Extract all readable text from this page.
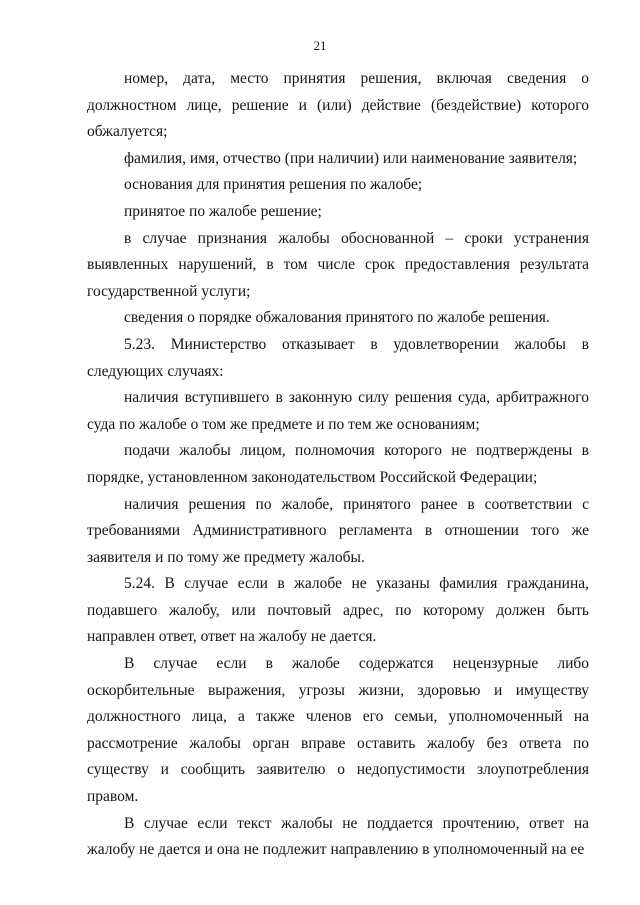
21

номер, дата, место принятия решения, включая сведения о должностном лице, решение и (или) действие (бездействие) которого обжалуется;

фамилия, имя, отчество (при наличии) или наименование заявителя;

основания для принятия решения по жалобе;

принятое по жалобе решение;

в случае признания жалобы обоснованной – сроки устранения выявленных нарушений, в том числе срок предоставления результата государственной услуги;

сведения о порядке обжалования принятого по жалобе решения.

5.23. Министерство отказывает в удовлетворении жалобы в следующих случаях:

наличия вступившего в законную силу решения суда, арбитражного суда по жалобе о том же предмете и по тем же основаниям;

подачи жалобы лицом, полномочия которого не подтверждены в порядке, установленном законодательством Российской Федерации;

наличия решения по жалобе, принятого ранее в соответствии с требованиями Административного регламента в отношении того же заявителя и по тому же предмету жалобы.

5.24. В случае если в жалобе не указаны фамилия гражданина, подавшего жалобу, или почтовый адрес, по которому должен быть направлен ответ, ответ на жалобу не дается.

В случае если в жалобе содержатся нецензурные либо оскорбительные выражения, угрозы жизни, здоровью и имуществу должностного лица, а также членов его семьи, уполномоченный на рассмотрение жалобы орган вправе оставить жалобу без ответа по существу и сообщить заявителю о недопустимости злоупотребления правом.

В случае если текст жалобы не поддается прочтению, ответ на жалобу не дается и она не подлежит направлению в уполномоченный на ее
